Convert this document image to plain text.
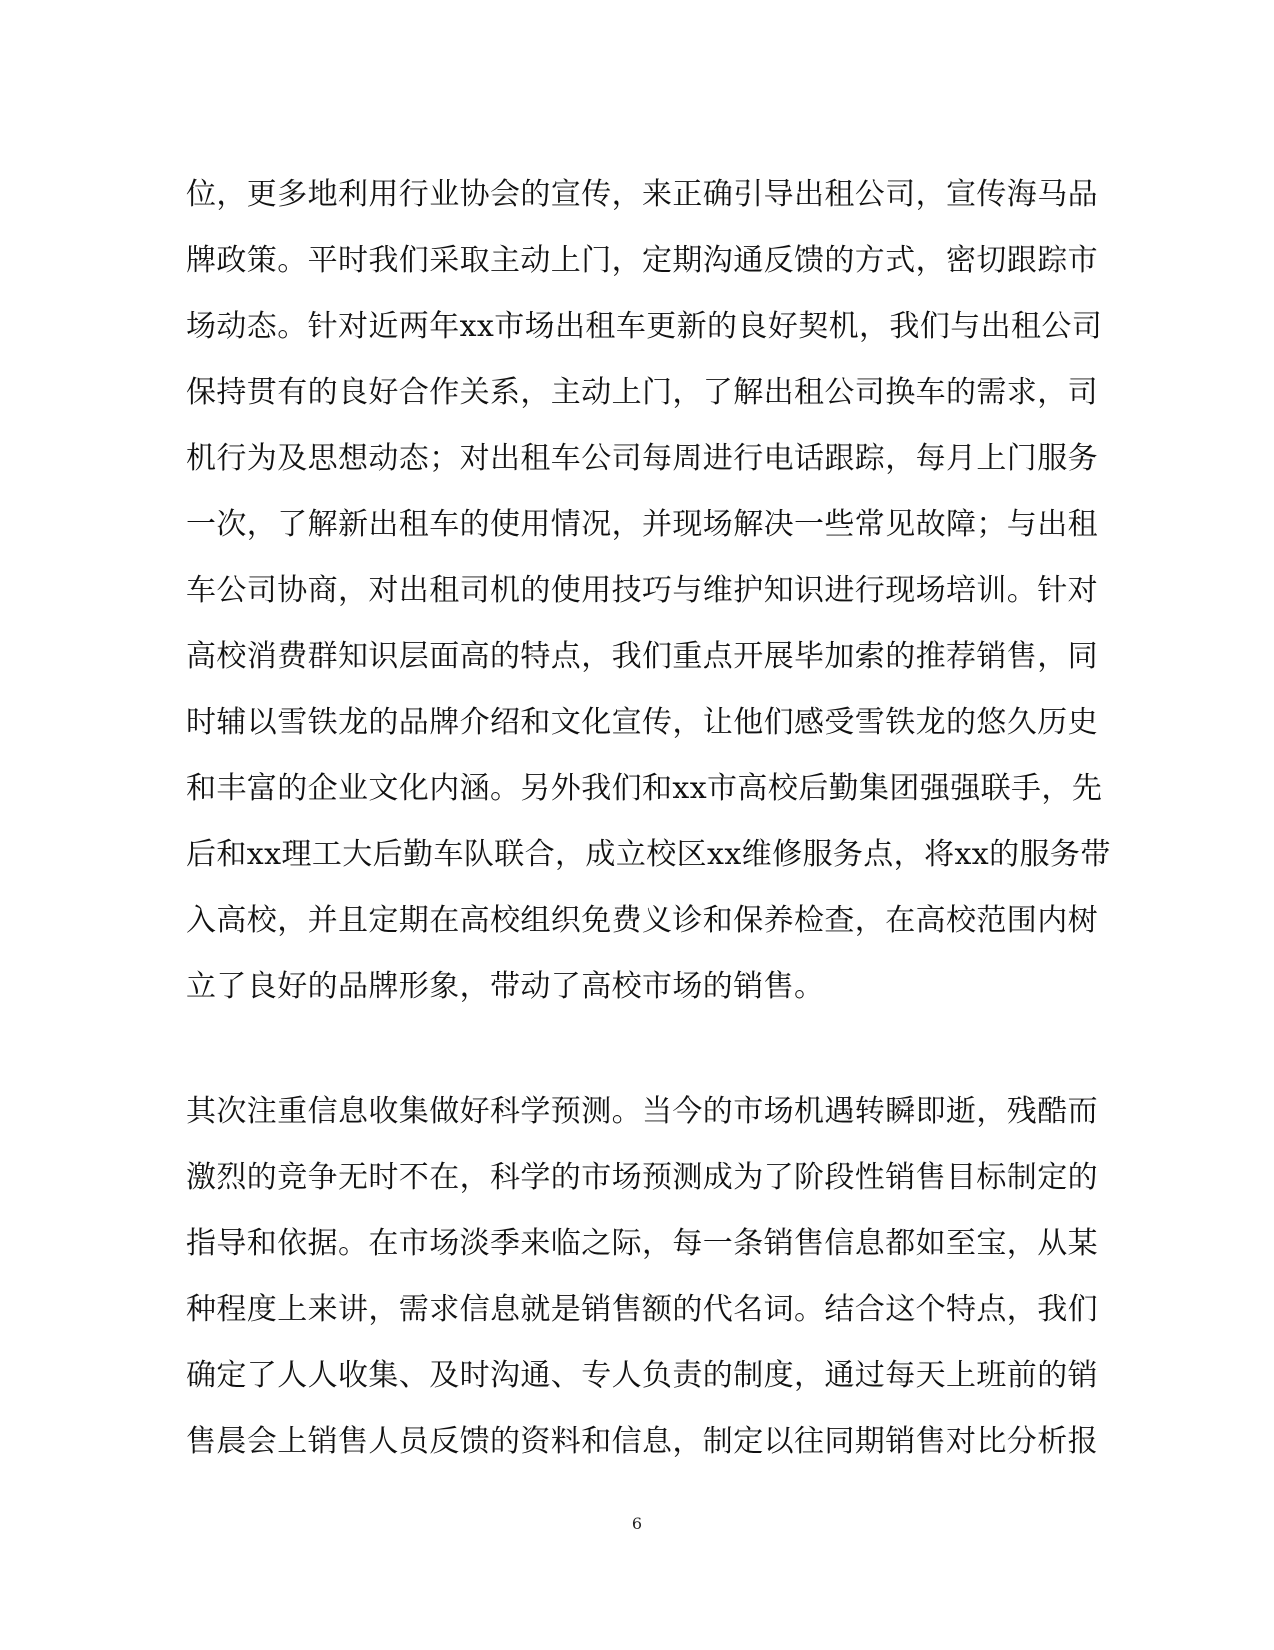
位，更多地利用行业协会的宣传，来正确引导出租公司，宣传海马品
牌政策。平时我们采取主动上门，定期沟通反馈的方式，密切跟踪市
场动态。针对近两年xx市场出租车更新的良好契机，我们与出租公司
保持贯有的良好合作关系，主动上门，了解出租公司换车的需求，司
机行为及思想动态；对出租车公司每周进行电话跟踪，每月上门服务
一次，了解新出租车的使用情况，并现场解决一些常见故障；与出租
车公司协商，对出租司机的使用技巧与维护知识进行现场培训。针对
高校消费群知识层面高的特点，我们重点开展毕加索的推荐销售，同
时辅以雪铁龙的品牌介绍和文化宣传，让他们感受雪铁龙的悠久历史
和丰富的企业文化内涵。另外我们和xx市高校后勤集团强强联手，先
后和xx理工大后勤车队联合，成立校区xx维修服务点，将xx的服务带
入高校，并且定期在高校组织免费义诊和保养检查，在高校范围内树
立了良好的品牌形象，带动了高校市场的销售。
其次注重信息收集做好科学预测。当今的市场机遇转瞬即逝，残酷而
激烈的竞争无时不在，科学的市场预测成为了阶段性销售目标制定的
指导和依据。在市场淡季来临之际，每一条销售信息都如至宝，从某
种程度上来讲，需求信息就是销售额的代名词。结合这个特点，我们
确定了人人收集、及时沟通、专人负责的制度，通过每天上班前的销
售晨会上销售人员反馈的资料和信息，制定以往同期销售对比分析报
6
